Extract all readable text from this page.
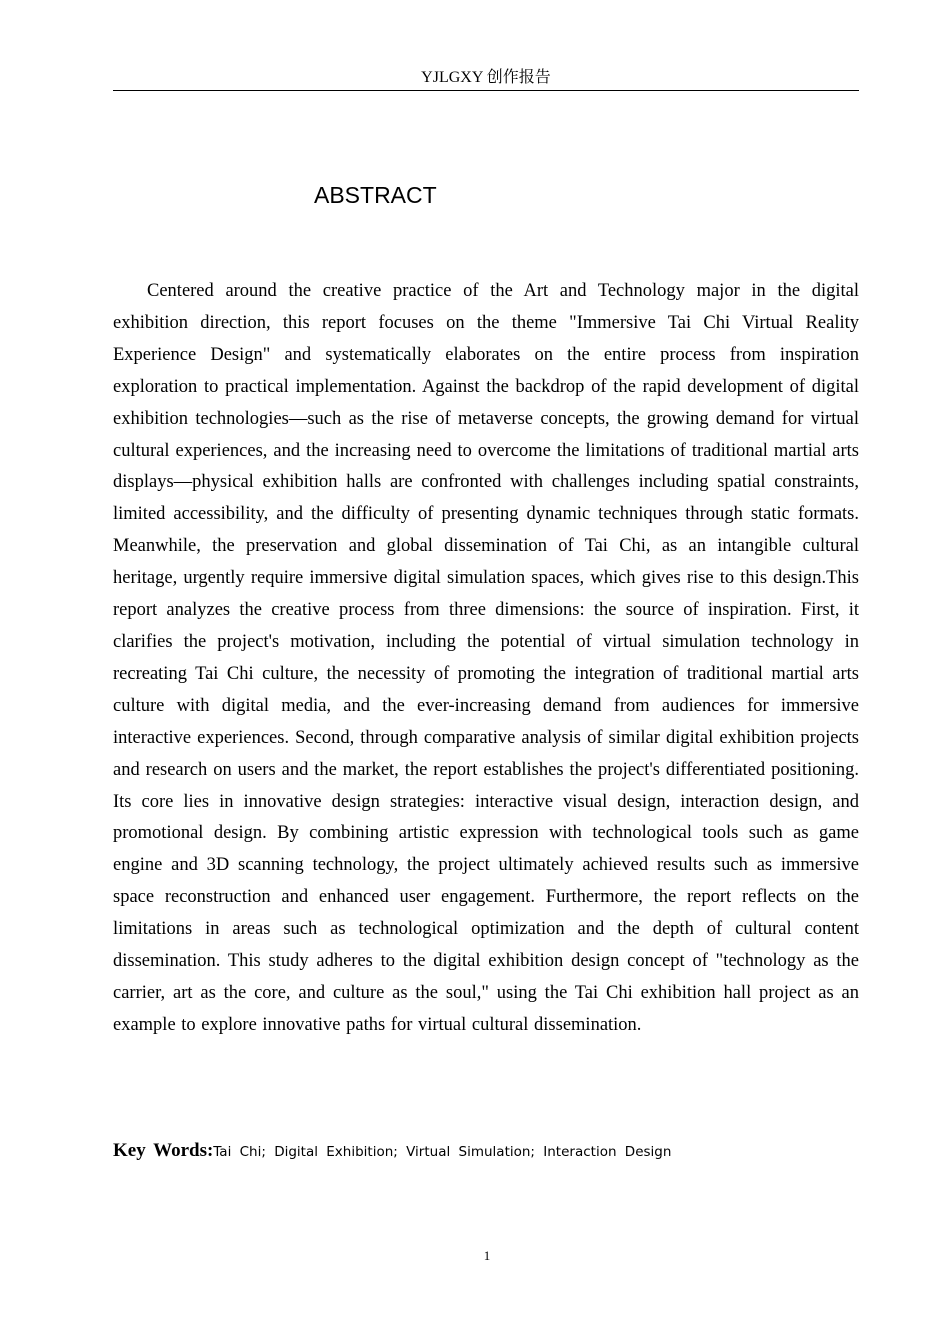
YJLGXY 创作报告
ABSTRACT

Centered around the creative practice of the Art and Technology major in the digital exhibition direction, this report focuses on the theme "Immersive Tai Chi Virtual Reality Experience Design" and systematically elaborates on the entire process from inspiration exploration to practical implementation. Against the backdrop of the rapid development of digital exhibition technologies—such as the rise of metaverse concepts, the growing demand for virtual cultural experiences, and the increasing need to overcome the limitations of traditional martial arts displays—physical exhibition halls are confronted with challenges including spatial constraints, limited accessibility, and the difficulty of presenting dynamic techniques through static formats. Meanwhile, the preservation and global dissemination of Tai Chi, as an intangible cultural heritage, urgently require immersive digital simulation spaces, which gives rise to this design.This report analyzes the creative process from three dimensions: the source of inspiration. First, it clarifies the project's motivation, including the potential of virtual simulation technology in recreating Tai Chi culture, the necessity of promoting the integration of traditional martial arts culture with digital media, and the ever-increasing demand from audiences for immersive interactive experiences. Second, through comparative analysis of similar digital exhibition projects and research on users and the market, the report establishes the project's differentiated positioning. Its core lies in innovative design strategies: interactive visual design, interaction design, and promotional design. By combining artistic expression with technological tools such as game engine and 3D scanning technology, the project ultimately achieved results such as immersive space reconstruction and enhanced user engagement. Furthermore, the report reflects on the limitations in areas such as technological optimization and the depth of cultural content dissemination. This study adheres to the digital exhibition design concept of "technology as the carrier, art as the core, and culture as the soul," using the Tai Chi exhibition hall project as an example to explore innovative paths for virtual cultural dissemination.

Key Words:Tai Chi; Digital Exhibition; Virtual Simulation; Interaction Design

1
